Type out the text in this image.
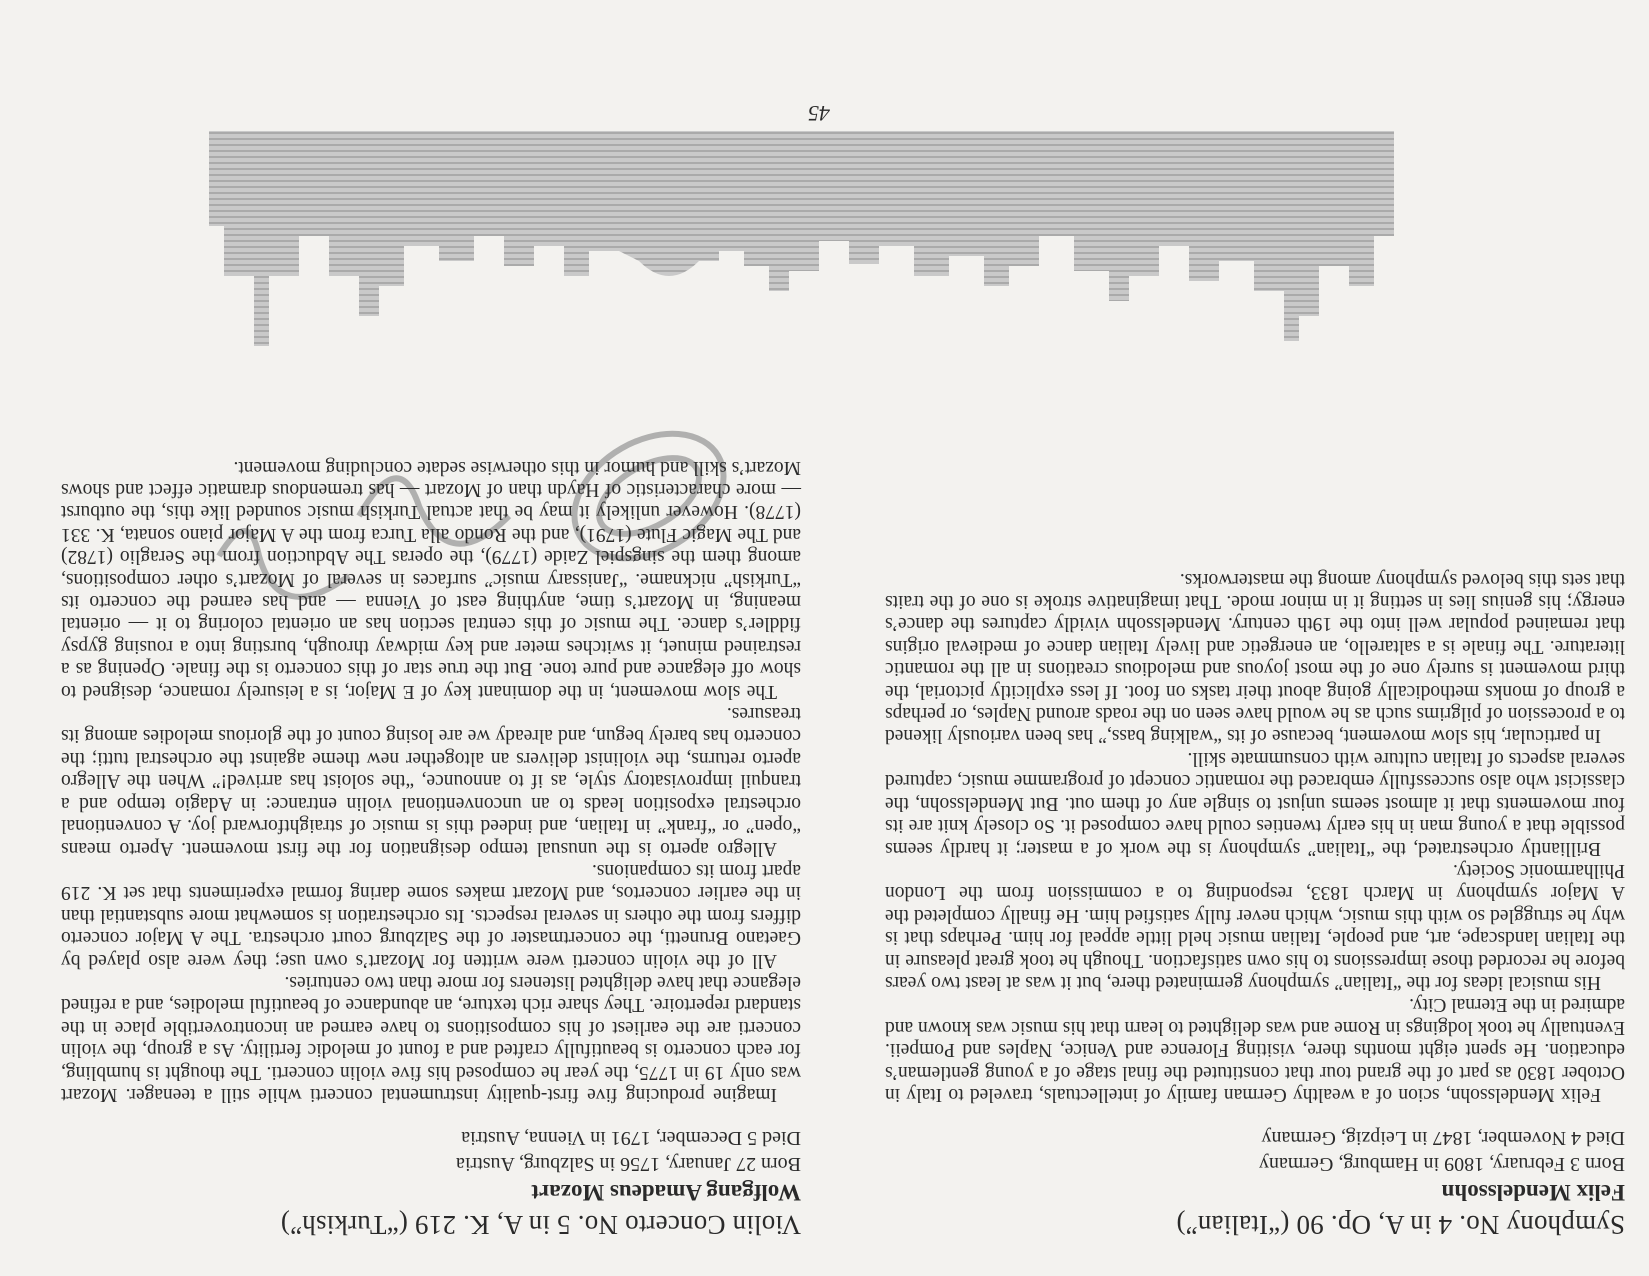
Symphony No. 4 in A, Op. 90 (“Italian”)
Felix Mendelssohn
Born 3 February, 1809 in Hamburg, Germany
Died 4 November, 1847 in Leipzig, Germany

Felix Mendelssohn, scion of a wealthy German family of intellectuals, traveled to Italy in October 1830 as part of the grand tour that constituted the final stage of a young gentleman’s education. He spent eight months there, visiting Florence and Venice, Naples and Pompeii. Eventually he took lodgings in Rome and was delighted to learn that his music was known and admired in the Eternal City.

His musical ideas for the “Italian” symphony germinated there, but it was at least two years before he recorded those impressions to his own satisfaction. Though he took great pleasure in the Italian landscape, art, and people, Italian music held little appeal for him. Perhaps that is why he struggled so with this music, which never fully satisfied him. He finally completed the A Major symphony in March 1833, responding to a commission from the London Philharmonic Society.

Brilliantly orchestrated, the “Italian” symphony is the work of a master; it hardly seems possible that a young man in his early twenties could have composed it. So closely knit are its four movements that it almost seems unjust to single any of them out. But Mendelssohn, the classicist who also successfully embraced the romantic concept of programme music, captured several aspects of Italian culture with consummate skill.

In particular, his slow movement, because of its “walking bass,” has been variously likened to a procession of pilgrims such as he would have seen on the roads around Naples, or perhaps a group of monks methodically going about their tasks on foot. If less explicitly pictorial, the third movement is surely one of the most joyous and melodious creations in all the romantic literature. The finale is a saltarello, an energetic and lively Italian dance of medieval origins that remained popular well into the 19th century. Mendelssohn vividly captures the dance’s energy; his genius lies in setting it in minor mode. That imaginative stroke is one of the traits that sets this beloved symphony among the masterworks.

Violin Concerto No. 5 in A, K. 219 (“Turkish”)
Wolfgang Amadeus Mozart
Born 27 January, 1756 in Salzburg, Austria
Died 5 December, 1791 in Vienna, Austria

Imagine producing five first-quality instrumental concerti while still a teenager. Mozart was only 19 in 1775, the year he composed his five violin concerti. The thought is humbling, for each concerto is beautifully crafted and a fount of melodic fertility. As a group, the violin concerti are the earliest of his compositions to have earned an incontrovertible place in the standard repertoire. They share rich texture, an abundance of beautiful melodies, and a refined elegance that have delighted listeners for more than two centuries.

All of the violin concerti were written for Mozart’s own use; they were also played by Gaetano Brunetti, the concertmaster of the Salzburg court orchestra. The A Major concerto differs from the others in several respects. Its orchestration is somewhat more substantial than in the earlier concertos, and Mozart makes some daring formal experiments that set K. 219 apart from its companions.

Allegro aperto is the unusual tempo designation for the first movement. Aperto means “open” or “frank” in Italian, and indeed this is music of straightforward joy. A conventional orchestral exposition leads to an unconventional violin entrance: in Adagio tempo and a tranquil improvisatory style, as if to announce, “the soloist has arrived!” When the Allegro aperto returns, the violinist delivers an altogether new theme against the orchestral tutti; the concerto has barely begun, and already we are losing count of the glorious melodies among its treasures.

The slow movement, in the dominant key of E Major, is a leisurely romance, designed to show off elegance and pure tone. But the true star of this concerto is the finale. Opening as a restrained minuet, it switches meter and key midway through, bursting into a rousing gypsy fiddler’s dance. The music of this central section has an oriental coloring to it — oriental meaning, in Mozart’s time, anything east of Vienna — and has earned the concerto its “Turkish” nickname. “Janissary music” surfaces in several of Mozart’s other compositions, among them the singspiel Zaide (1779), the operas The Abduction from the Seraglio (1782) and The Magic Flute (1791), and the Rondo alla Turca from the A Major piano sonata, K. 331 (1778). However unlikely it may be that actual Turkish music sounded like this, the outburst — more characteristic of Haydn than of Mozart — has tremendous dramatic effect and shows Mozart’s skill and humor in this otherwise sedate concluding movement.

45
